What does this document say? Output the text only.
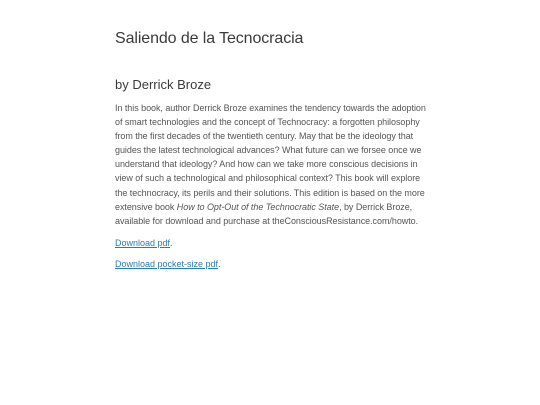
Saliendo de la Tecnocracia
by Derrick Broze

In this book, author Derrick Broze examines the tendency towards the adoption of smart technologies and the concept of Technocracy: a forgotten philosophy from the first decades of the twentieth century. May that be the ideology that guides the latest technological advances? What future can we forsee once we understand that ideology? And how can we take more conscious decisions in view of such a technological and philosophical context? This book will explore the technocracy, its perils and their solutions. This edition is based on the more extensive book How to Opt-Out of the Technocratic State, by Derrick Broze, available for download and purchase at theConsciousResistance.com/howto.

Download pdf.

Download pocket-size pdf.
